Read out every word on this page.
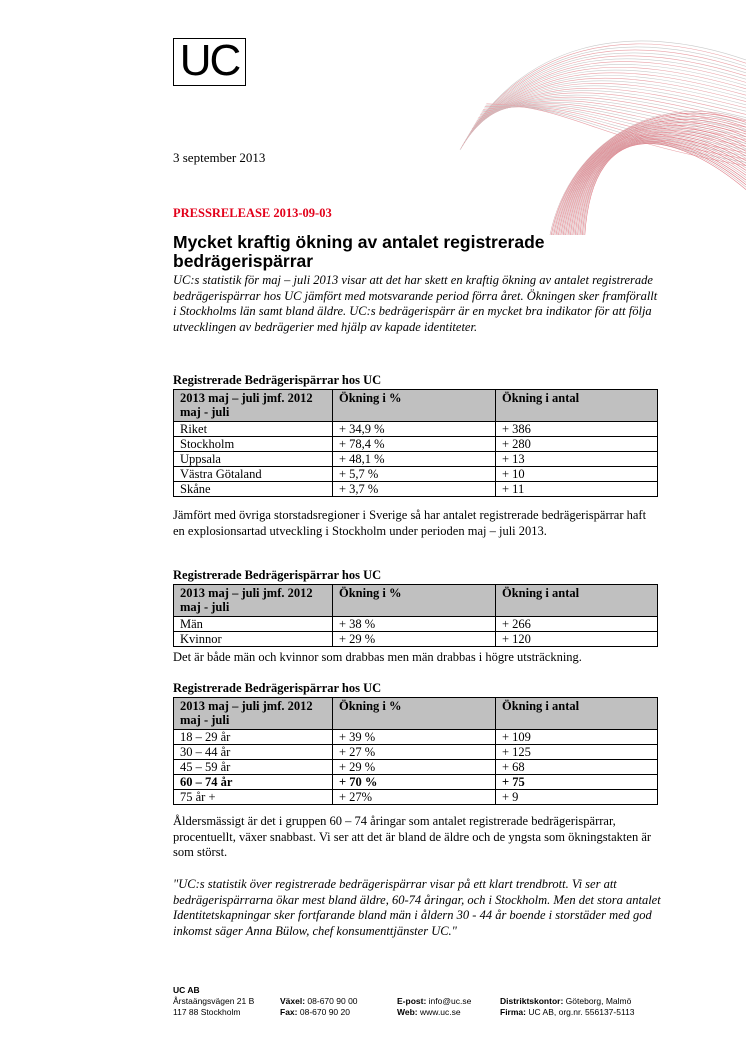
UC
3 september 2013
PRESSRELEASE 2013-09-03
Mycket kraftig ökning av antalet registrerade bedrägerispärrar
UC:s statistik för maj – juli 2013 visar att det har skett en kraftig ökning av antalet registrerade bedrägerispärrar hos UC jämfört med motsvarande period förra året. Ökningen sker framförallt i Stockholms län samt bland äldre. UC:s bedrägerispärr är en mycket bra indikator för att följa utvecklingen av bedrägerier med hjälp av kapade identiteter.
Registrerade Bedrägerispärrar hos UC
2013 maj – juli jmf. 2012 maj - juli	Ökning i %	Ökning i antal
Riket	+ 34,9 %	+ 386
Stockholm	+ 78,4 %	+ 280
Uppsala	+ 48,1 %	+ 13
Västra Götaland	+ 5,7 %	+ 10
Skåne	+ 3,7 %	+ 11
Jämfört med övriga storstadsregioner i Sverige så har antalet registrerade bedrägerispärrar haft en explosionsartad utveckling i Stockholm under perioden maj – juli 2013.
Registrerade Bedrägerispärrar hos UC
2013 maj – juli jmf. 2012 maj - juli	Ökning i %	Ökning i antal
Män	+ 38 %	+ 266
Kvinnor	+ 29 %	+ 120
Det är både män och kvinnor som drabbas men män drabbas i högre utsträckning.
Registrerade Bedrägerispärrar hos UC
2013 maj – juli jmf. 2012 maj - juli	Ökning i %	Ökning i antal
18 – 29 år	+ 39 %	+ 109
30 – 44 år	+ 27 %	+ 125
45 – 59 år	+ 29 %	+ 68
60 – 74 år	+ 70 %	+ 75
75 år +	+ 27%	+ 9
Åldersmässigt är det i gruppen 60 – 74 åringar som antalet registrerade bedrägerispärrar, procentuellt, växer snabbast. Vi ser att det är bland de äldre och de yngsta som ökningstakten är som störst.
"UC:s statistik över registrerade bedrägerispärrar visar på ett klart trendbrott. Vi ser att bedrägerispärrarna ökar mest bland äldre, 60-74 åringar, och i Stockholm. Men det stora antalet Identitetskapningar sker fortfarande bland män i åldern 30 - 44 år boende i storstäder med god inkomst säger Anna Bülow, chef konsumenttjänster UC."
UC AB
Årstaängsvägen 21 B
117 88 Stockholm
Växel: 08-670 90 00
Fax: 08-670 90 20
E-post: info@uc.se
Web: www.uc.se
Distriktskontor: Göteborg, Malmö
Firma: UC AB, org.nr. 556137-5113
